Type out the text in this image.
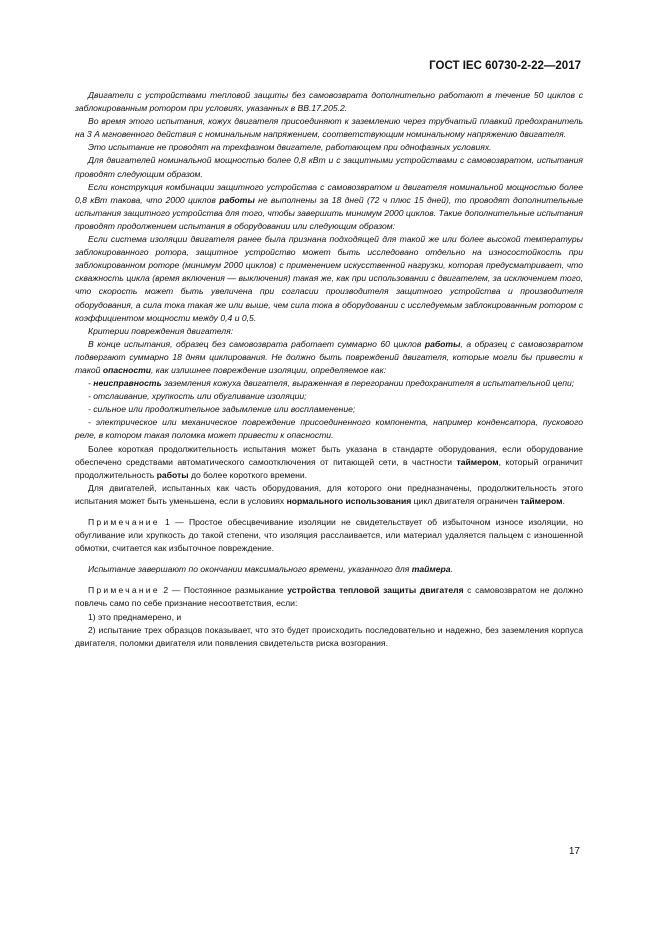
ГОСТ IEC 60730-2-22—2017

Двигатели с устройствами тепловой защиты без самовозврата дополнительно работают в течение 50 циклов с заблокированным ротором при условиях, указанных в ВВ.17.205.2.

Во время этого испытания, кожух двигателя присоединяют к заземлению через трубчатый плавкий предохранитель на 3 А мгновенного действия с номинальным напряжением, соответствующим номинальному напряжению двигателя.

Это испытание не проводят на трехфазном двигателе, работающем при однофазных условиях.

Для двигателей номинальной мощностью более 0,8 кВт и с защитными устройствами с самовозвратом, испытания проводят следующим образом.

Если конструкция комбинации защитного устройства с самовозвратом и двигателя номинальной мощностью более 0,8 кВт такова, что 2000 циклов работы не выполнены за 18 дней (72 ч плюс 15 дней), то проводят дополнительные испытания защитного устройства для того, чтобы завершить минимум 2000 циклов. Такие дополнительные испытания проводят продолжением испытания в оборудовании или следующим образом:

Если система изоляции двигателя ранее была признана подходящей для такой же или более высокой температуры заблокированного ротора, защитное устройство может быть исследовано отдельно на износостойкость при заблокированном роторе (минимум 2000 циклов) с применением искусственной нагрузки, которая предусматривает, что скважность цикла (время включения — выключения) такая же, как при использовании с двигателем, за исключением того, что скорость может быть увеличена при согласии производителя защитного устройства и производителя оборудования, а сила тока такая же или выше, чем сила тока в оборудовании с исследуемым заблокированным ротором с коэффициентом мощности между 0,4 и 0,5.

Критерии повреждения двигателя:

В конце испытания, образец без самовозврата работает суммарно 60 циклов работы, а образец с самовозвратом подвергают суммарно 18 дням циклирования. Не должно быть повреждений двигателя, которые могли бы привести к такой опасности, как излишнее повреждение изоляции, определяемое как:

- неисправность заземления кожуха двигателя, выраженная в перегорании предохранителя в испытательной цепи;

- отслаивание, хрупкость или обугливание изоляции;

- сильное или продолжительное задымление или воспламенение;

- электрическое или механическое повреждение присоединенного компонента, например конденсатора, пускового реле, в котором такая поломка может привести к опасности.

Более короткая продолжительность испытания может быть указана в стандарте оборудования, если оборудование обеспечено средствами автоматического самоотключения от питающей сети, в частности таймером, который ограничит продолжительность работы до более короткого времени.

Для двигателей, испытанных как часть оборудования, для которого они предназначены, продолжительность этого испытания может быть уменьшена, если в условиях нормального использования цикл двигателя ограничен таймером.

Примечание 1 — Простое обесцвечивание изоляции не свидетельствует об избыточном износе изоляции, но обугливание или хрупкость до такой степени, что изоляция расслаивается, или материал удаляется пальцем с изношенной обмотки, считается как избыточное повреждение.

Испытание завершают по окончании максимального времени, указанного для таймера.

Примечание 2 — Постоянное размыкание устройства тепловой защиты двигателя с самовозвратом не должно повлечь само по себе признание несоответствия, если:

1) это преднамерено, и

2) испытание трех образцов показывает, что это будет происходить последовательно и надежно, без заземления корпуса двигателя, поломки двигателя или появления свидетельств риска возгорания.

17
